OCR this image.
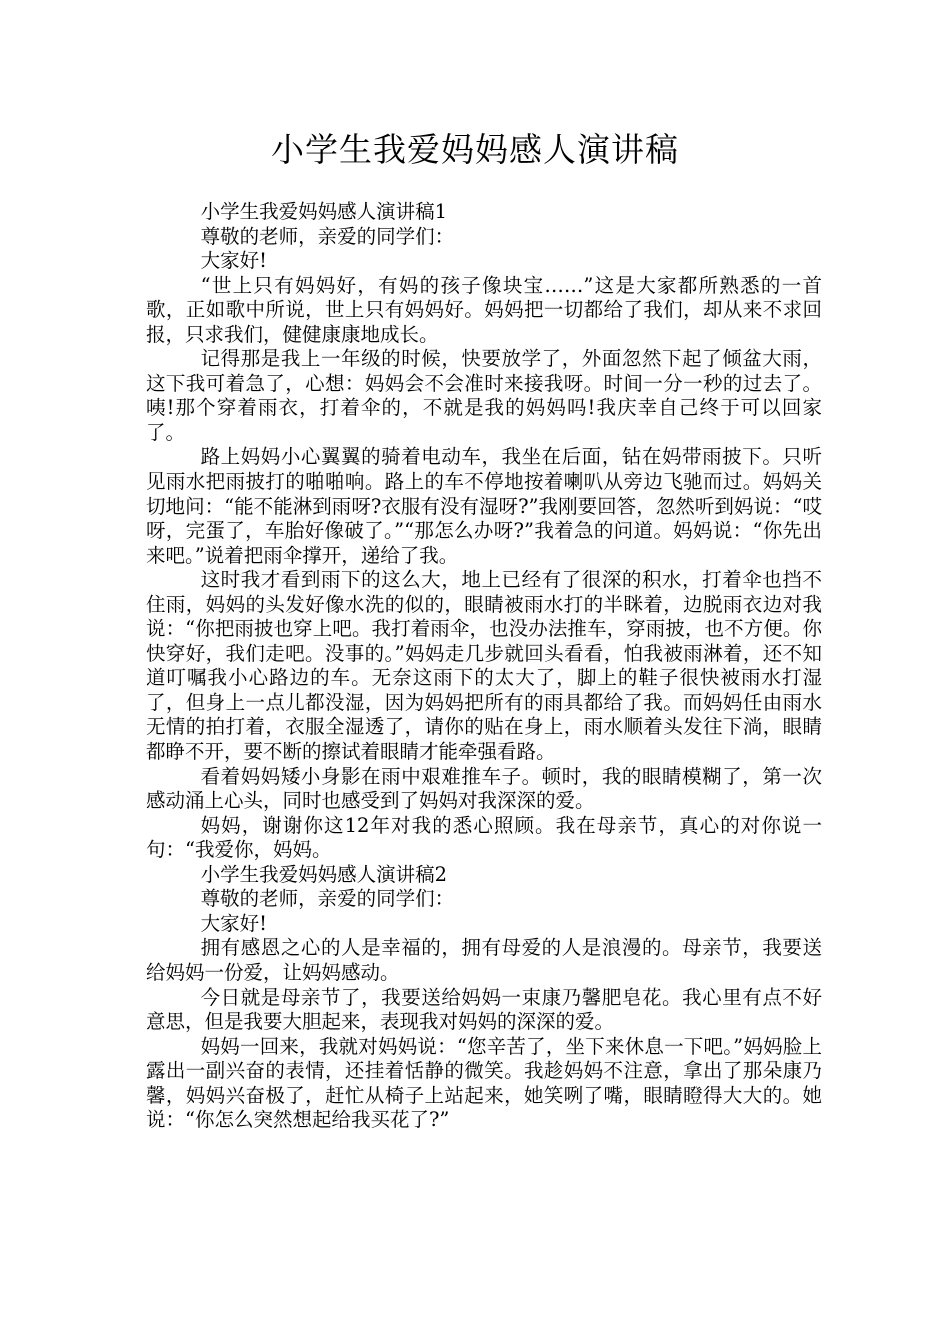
小学生我爱妈妈感人演讲稿

小学生我爱妈妈感人演讲稿1

尊敬的老师，亲爱的同学们：

大家好!

“世上只有妈妈好，有妈的孩子像块宝……”这是大家都所熟悉的一首歌，正如歌中所说，世上只有妈妈好。妈妈把一切都给了我们，却从来不求回报，只求我们，健健康康地成长。

记得那是我上一年级的时候，快要放学了，外面忽然下起了倾盆大雨，这下我可着急了，心想：妈妈会不会准时来接我呀。时间一分一秒的过去了。咦!那个穿着雨衣，打着伞的，不就是我的妈妈吗!我庆幸自己终于可以回家了。

路上妈妈小心翼翼的骑着电动车，我坐在后面，钻在妈带雨披下。只听见雨水把雨披打的啪啪响。路上的车不停地按着喇叭从旁边飞驰而过。妈妈关切地问：“能不能淋到雨呀?衣服有没有湿呀?”我刚要回答，忽然听到妈说：“哎呀，完蛋了，车胎好像破了。”“那怎么办呀?”我着急的问道。妈妈说：“你先出来吧。”说着把雨伞撑开，递给了我。

这时我才看到雨下的这么大，地上已经有了很深的积水，打着伞也挡不住雨，妈妈的头发好像水洗的似的，眼睛被雨水打的半眯着，边脱雨衣边对我说：“你把雨披也穿上吧。我打着雨伞，也没办法推车，穿雨披，也不方便。你快穿好，我们走吧。没事的。”妈妈走几步就回头看看，怕我被雨淋着，还不知道叮嘱我小心路边的车。无奈这雨下的太大了，脚上的鞋子很快被雨水打湿了，但身上一点儿都没湿，因为妈妈把所有的雨具都给了我。而妈妈任由雨水无情的拍打着，衣服全湿透了，请你的贴在身上，雨水顺着头发往下淌，眼睛都睁不开，要不断的擦试着眼睛才能牵强看路。

看着妈妈矮小身影在雨中艰难推车子。顿时，我的眼睛模糊了，第一次感动涌上心头，同时也感受到了妈妈对我深深的爱。

妈妈，谢谢你这12年对我的悉心照顾。我在母亲节，真心的对你说一句：“我爱你，妈妈。

小学生我爱妈妈感人演讲稿2

尊敬的老师，亲爱的同学们：

大家好!

拥有感恩之心的人是幸福的，拥有母爱的人是浪漫的。母亲节，我要送给妈妈一份爱，让妈妈感动。

今日就是母亲节了，我要送给妈妈一束康乃馨肥皂花。我心里有点不好意思，但是我要大胆起来，表现我对妈妈的深深的爱。

妈妈一回来，我就对妈妈说：“您辛苦了，坐下来休息一下吧。”妈妈脸上露出一副兴奋的表情，还挂着恬静的微笑。我趁妈妈不注意，拿出了那朵康乃馨，妈妈兴奋极了，赶忙从椅子上站起来，她笑咧了嘴，眼睛瞪得大大的。她说：“你怎么突然想起给我买花了?”
